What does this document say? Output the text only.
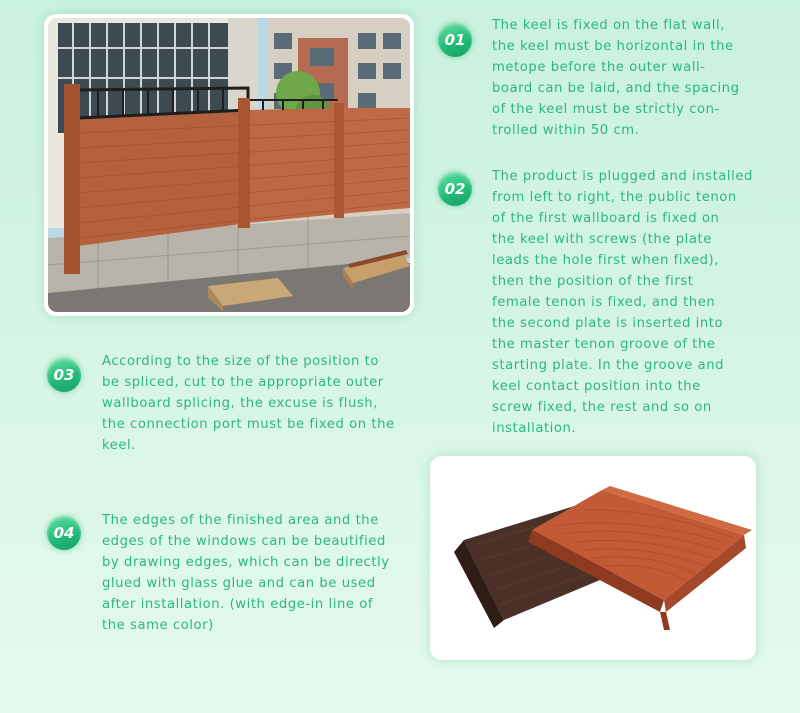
01
The keel is fixed on the flat wall,
the keel must be horizontal in the
metope before the outer wall-
board can be laid, and the spacing
of the keel must be strictly con-
trolled within 50 cm.
02
The product is plugged and installed
from left to right, the public tenon
of the first wallboard is fixed on
the keel with screws (the plate
leads the hole first when fixed),
then the position of the first
female tenon is fixed, and then
the second plate is inserted into
the master tenon groove of the
starting plate. In the groove and
keel contact position into the
screw fixed, the rest and so on
installation.
03
According to the size of the position to
be spliced, cut to the appropriate outer
wallboard splicing, the excuse is flush,
the connection port must be fixed on the
keel.
04
The edges of the finished area and the
edges of the windows can be beautified
by drawing edges, which can be directly
glued with glass glue and can be used
after installation. (with edge-in line of
the same color)
